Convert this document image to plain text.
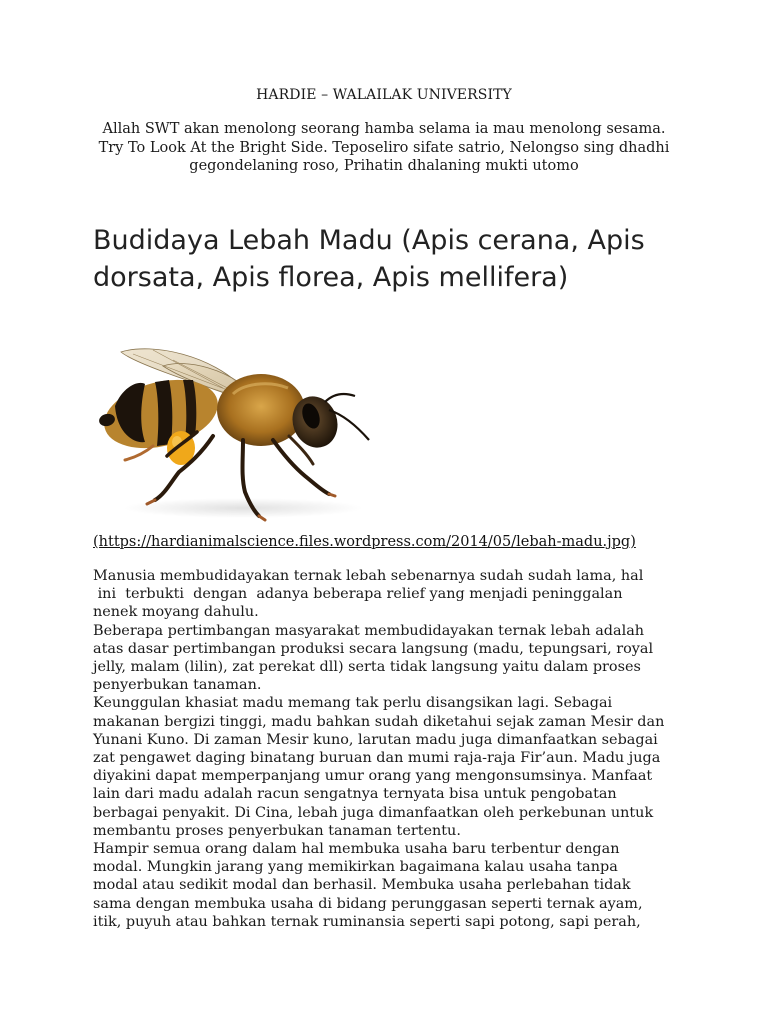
HARDIE – WALAILAK UNIVERSITY
Allah SWT akan menolong seorang hamba selama ia mau menolong sesama.
Try To Look At the Bright Side. Teposeliro sifate satrio, Nelongso sing dhadhi
gegondelaning roso, Prihatin dhalaning mukti utomo
Budidaya Lebah Madu (Apis cerana, Apis
dorsata, Apis florea, Apis mellifera)
(https://hardianimalscience.files.wordpress.com/2014/05/lebah-madu.jpg)
Manusia membudidayakan ternak lebah sebenarnya sudah sudah lama, hal
ini  terbukti  dengan  adanya beberapa relief yang menjadi peninggalan
nenek moyang dahulu.
Beberapa pertimbangan masyarakat membudidayakan ternak lebah adalah
atas dasar pertimbangan produksi secara langsung (madu, tepungsari, royal
jelly, malam (lilin), zat perekat dll) serta tidak langsung yaitu dalam proses
penyerbukan tanaman.
Keunggulan khasiat madu memang tak perlu disangsikan lagi. Sebagai
makanan bergizi tinggi, madu bahkan sudah diketahui sejak zaman Mesir dan
Yunani Kuno. Di zaman Mesir kuno, larutan madu juga dimanfaatkan sebagai
zat pengawet daging binatang buruan dan mumi raja-raja Fir’aun. Madu juga
diyakini dapat memperpanjang umur orang yang mengonsumsinya. Manfaat
lain dari madu adalah racun sengatnya ternyata bisa untuk pengobatan
berbagai penyakit. Di Cina, lebah juga dimanfaatkan oleh perkebunan untuk
membantu proses penyerbukan tanaman tertentu.
Hampir semua orang dalam hal membuka usaha baru terbentur dengan
modal. Mungkin jarang yang memikirkan bagaimana kalau usaha tanpa
modal atau sedikit modal dan berhasil. Membuka usaha perlebahan tidak
sama dengan membuka usaha di bidang perunggasan seperti ternak ayam,
itik, puyuh atau bahkan ternak ruminansia seperti sapi potong, sapi perah,
